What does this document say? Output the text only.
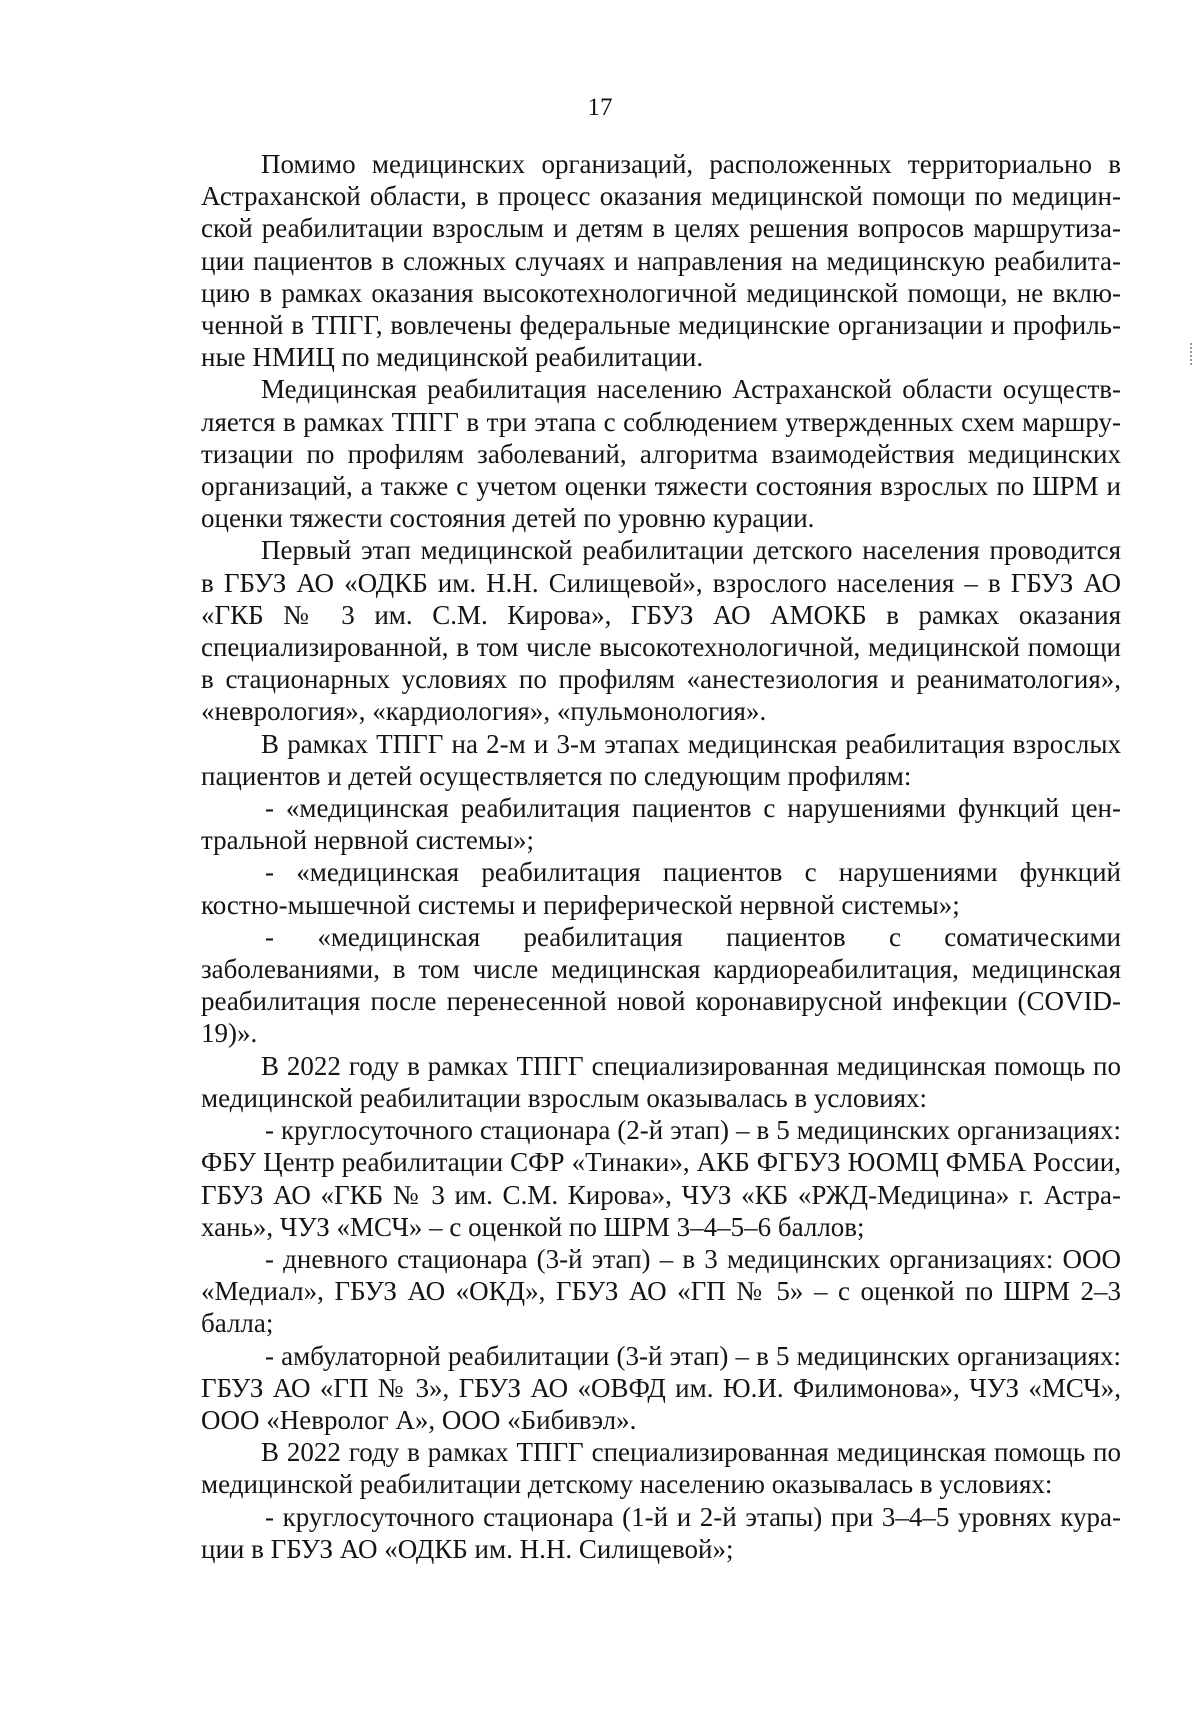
17

Помимо медицинских организаций, расположенных территориально в Астраханской области, в процесс оказания медицинской помощи по медицинской реабилитации взрослым и детям в целях решения вопросов маршрутизации пациентов в сложных случаях и направления на медицинскую реабилитацию в рамках оказания высокотехнологичной медицинской помощи, не включенной в ТПГГ, вовлечены федеральные медицинские организации и профильные НМИЦ по медицинской реабилитации.

Медицинская реабилитация населению Астраханской области осуществляется в рамках ТПГГ в три этапа с соблюдением утвержденных схем маршрутизации по профилям заболеваний, алгоритма взаимодействия медицинских организаций, а также с учетом оценки тяжести состояния взрослых по ШРМ и оценки тяжести состояния детей по уровню курации.

Первый этап медицинской реабилитации детского населения проводится в ГБУЗ АО «ОДКБ им. Н.Н. Силищевой», взрослого населения – в ГБУЗ АО «ГКБ № 3 им. С.М. Кирова», ГБУЗ АО АМОКБ в рамках оказания специализированной, в том числе высокотехнологичной, медицинской помощи в стационарных условиях по профилям «анестезиология и реаниматология», «неврология», «кардиология», «пульмонология».

В рамках ТПГГ на 2-м и 3-м этапах медицинская реабилитация взрослых пациентов и детей осуществляется по следующим профилям:

- «медицинская реабилитация пациентов с нарушениями функций центральной нервной системы»;

- «медицинская реабилитация пациентов с нарушениями функций костно-мышечной системы и периферической нервной системы»;

- «медицинская реабилитация пациентов с соматическими заболеваниями, в том числе медицинская кардиореабилитация, медицинская реабилитация после перенесенной новой коронавирусной инфекции (COVID-19)».

В 2022 году в рамках ТПГГ специализированная медицинская помощь по медицинской реабилитации взрослым оказывалась в условиях:

- круглосуточного стационара (2-й этап) – в 5 медицинских организациях: ФБУ Центр реабилитации СФР «Тинаки», АКБ ФГБУЗ ЮОМЦ ФМБА России, ГБУЗ АО «ГКБ № 3 им. С.М. Кирова», ЧУЗ «КБ «РЖД-Медицина» г. Астрахань», ЧУЗ «МСЧ» – с оценкой по ШРМ 3–4–5–6 баллов;

- дневного стационара (3-й этап) – в 3 медицинских организациях: ООО «Медиал», ГБУЗ АО «ОКД», ГБУЗ АО «ГП № 5» – с оценкой по ШРМ 2–3 балла;

- амбулаторной реабилитации (3-й этап) – в 5 медицинских организациях: ГБУЗ АО «ГП № 3», ГБУЗ АО «ОВФД им. Ю.И. Филимонова», ЧУЗ «МСЧ», ООО «Невролог А», ООО «Бибивэл».

В 2022 году в рамках ТПГГ специализированная медицинская помощь по медицинской реабилитации детскому населению оказывалась в условиях:

- круглосуточного стационара (1-й и 2-й этапы) при 3–4–5 уровнях курации в ГБУЗ АО «ОДКБ им. Н.Н. Силищевой»;
